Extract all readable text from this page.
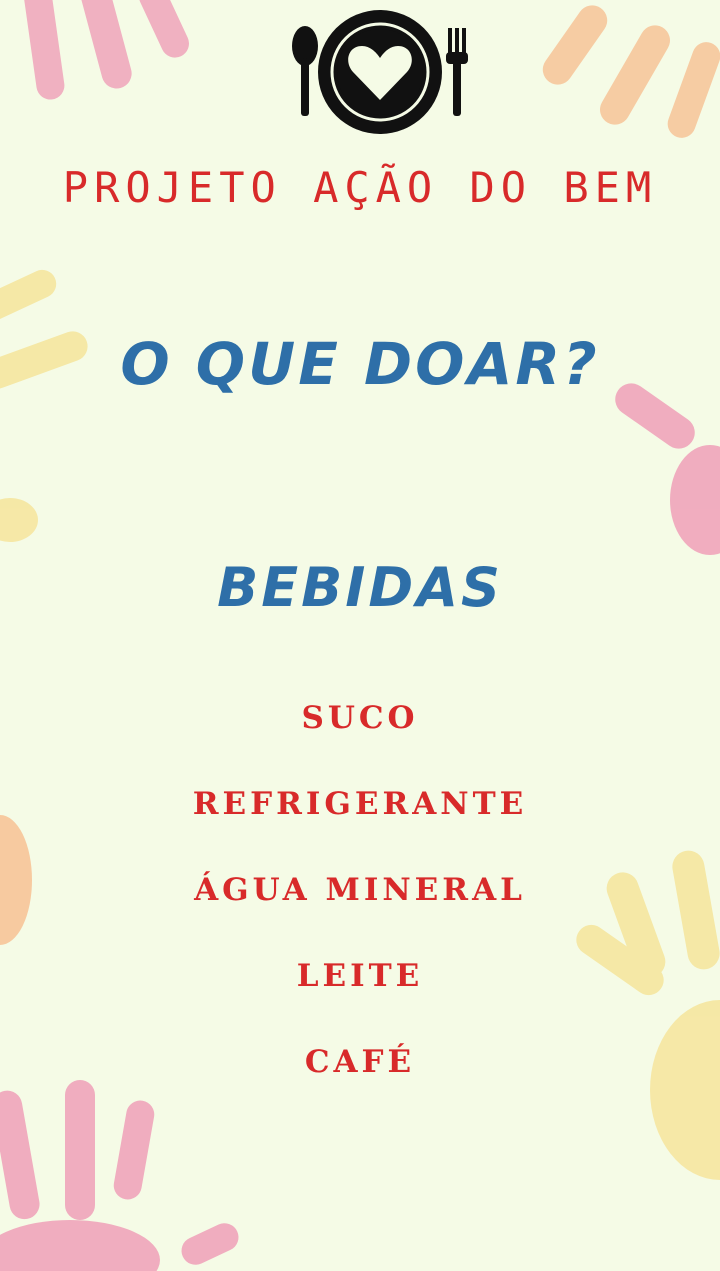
PROJETO AÇÃO DO BEM
O QUE DOAR?
BEBIDAS
SUCO
REFRIGERANTE
ÁGUA MINERAL
LEITE
CAFÉ
